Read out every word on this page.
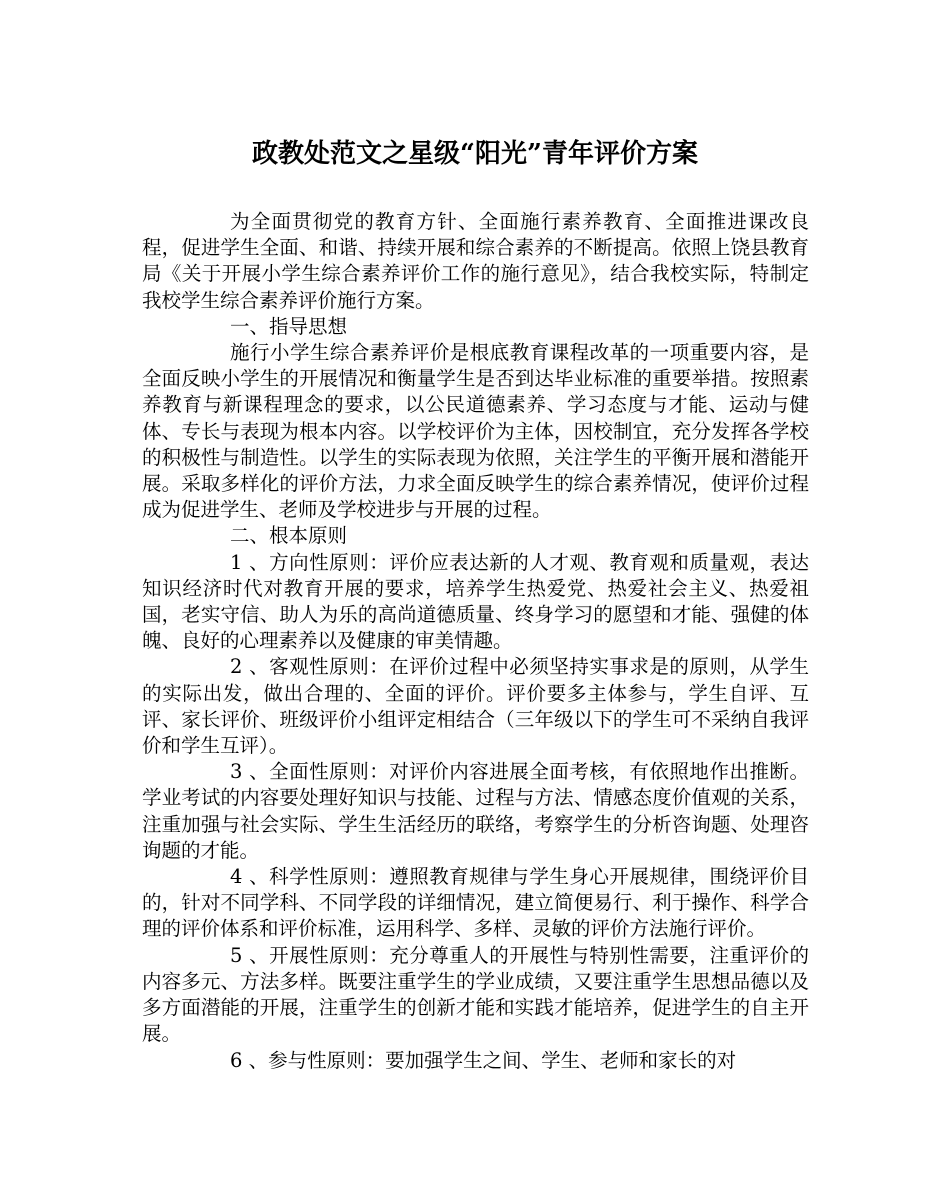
政教处范文之星级“阳光”青年评价方案

为全面贯彻党的教育方针、全面施行素养教育、全面推进课改良程，促进学生全面、和谐、持续开展和综合素养的不断提高。依照上饶县教育局《关于开展小学生综合素养评价工作的施行意见》，结合我校实际，特制定我校学生综合素养评价施行方案。

一、指导思想

施行小学生综合素养评价是根底教育课程改革的一项重要内容，是全面反映小学生的开展情况和衡量学生是否到达毕业标准的重要举措。按照素养教育与新课程理念的要求，以公民道德素养、学习态度与才能、运动与健体、专长与表现为根本内容。以学校评价为主体，因校制宜，充分发挥各学校的积极性与制造性。以学生的实际表现为依照，关注学生的平衡开展和潜能开展。采取多样化的评价方法，力求全面反映学生的综合素养情况，使评价过程成为促进学生、老师及学校进步与开展的过程。

二、根本原则

1 、方向性原则：评价应表达新的人才观、教育观和质量观，表达知识经济时代对教育开展的要求，培养学生热爱党、热爱社会主义、热爱祖国，老实守信、助人为乐的高尚道德质量、终身学习的愿望和才能、强健的体魄、良好的心理素养以及健康的审美情趣。

2 、客观性原则：在评价过程中必须坚持实事求是的原则，从学生的实际出发，做出合理的、全面的评价。评价要多主体参与，学生自评、互评、家长评价、班级评价小组评定相结合（三年级以下的学生可不采纳自我评价和学生互评）。

3 、全面性原则：对评价内容进展全面考核，有依照地作出推断。学业考试的内容要处理好知识与技能、过程与方法、情感态度价值观的关系，注重加强与社会实际、学生生活经历的联络，考察学生的分析咨询题、处理咨询题的才能。

4 、科学性原则：遵照教育规律与学生身心开展规律，围绕评价目的，针对不同学科、不同学段的详细情况，建立简便易行、利于操作、科学合理的评价体系和评价标准，运用科学、多样、灵敏的评价方法施行评价。

5 、开展性原则：充分尊重人的开展性与特别性需要，注重评价的内容多元、方法多样。既要注重学生的学业成绩，又要注重学生思想品德以及多方面潜能的开展，注重学生的创新才能和实践才能培养，促进学生的自主开展。

6 、参与性原则：要加强学生之间、学生、老师和家长的对
